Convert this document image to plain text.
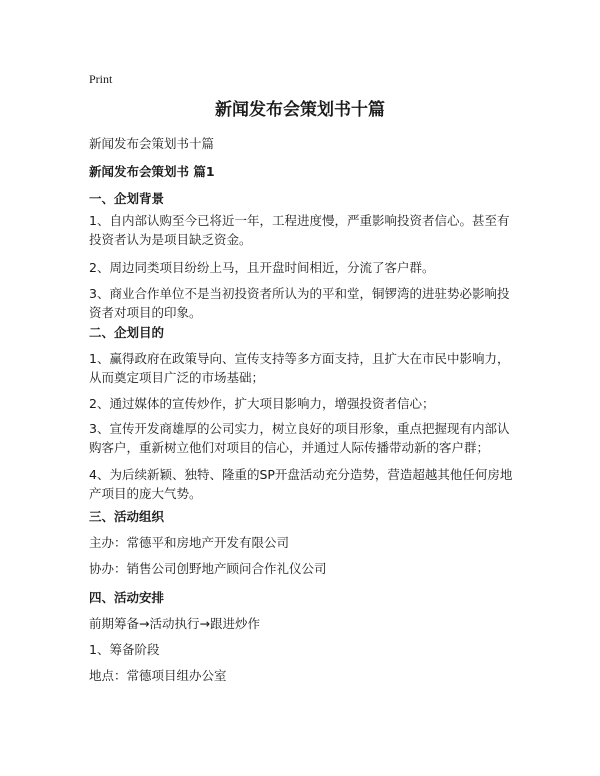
Print
新闻发布会策划书十篇
新闻发布会策划书十篇
新闻发布会策划书 篇1
一、企划背景
1、自内部认购至今已将近一年，工程进度慢，严重影响投资者信心。甚至有投资者认为是项目缺乏资金。
2、周边同类项目纷纷上马，且开盘时间相近，分流了客户群。
3、商业合作单位不是当初投资者所认为的平和堂，铜锣湾的进驻势必影响投资者对项目的印象。
二、企划目的
1、赢得政府在政策导向、宣传支持等多方面支持，且扩大在市民中影响力，从而奠定项目广泛的市场基础；
2、通过媒体的宣传炒作，扩大项目影响力，增强投资者信心；
3、宣传开发商雄厚的公司实力，树立良好的项目形象，重点把握现有内部认购客户，重新树立他们对项目的信心，并通过人际传播带动新的客户群；
4、为后续新颖、独特、隆重的SP开盘活动充分造势，营造超越其他任何房地产项目的庞大气势。
三、活动组织
主办：常德平和房地产开发有限公司
协办：销售公司创野地产顾问合作礼仪公司
四、活动安排
前期筹备→活动执行→跟进炒作
1、筹备阶段
地点：常德项目组办公室
